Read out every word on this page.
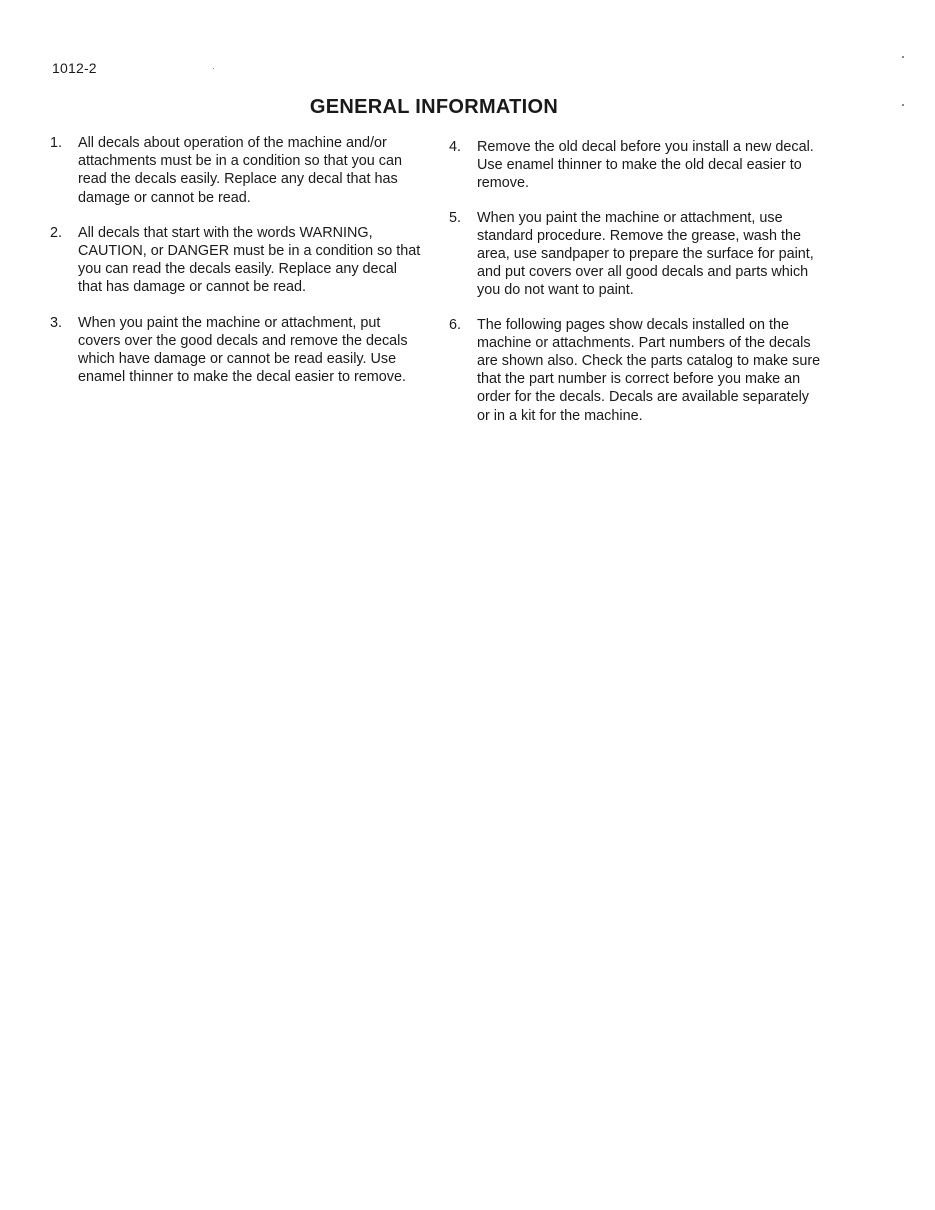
1012-2
GENERAL INFORMATION
1.	All decals about operation of the machine and/or attachments must be in a condition so that you can read the decals easily. Replace any decal that has damage or cannot be read.
2.	All decals that start with the words WARNING, CAUTION, or DANGER must be in a condition so that you can read the decals easily. Replace any decal that has damage or cannot be read.
3.	When you paint the machine or attachment, put covers over the good decals and remove the decals which have damage or cannot be read easily. Use enamel thinner to make the decal easier to remove.
4.	Remove the old decal before you install a new decal. Use enamel thinner to make the old decal easier to remove.
5.	When you paint the machine or attachment, use standard procedure. Remove the grease, wash the area, use sandpaper to prepare the surface for paint, and put covers over all good decals and parts which you do not want to paint.
6.	The following pages show decals installed on the machine or attachments. Part numbers of the decals are shown also. Check the parts catalog to make sure that the part number is correct before you make an order for the decals. Decals are available separately or in a kit for the machine.
